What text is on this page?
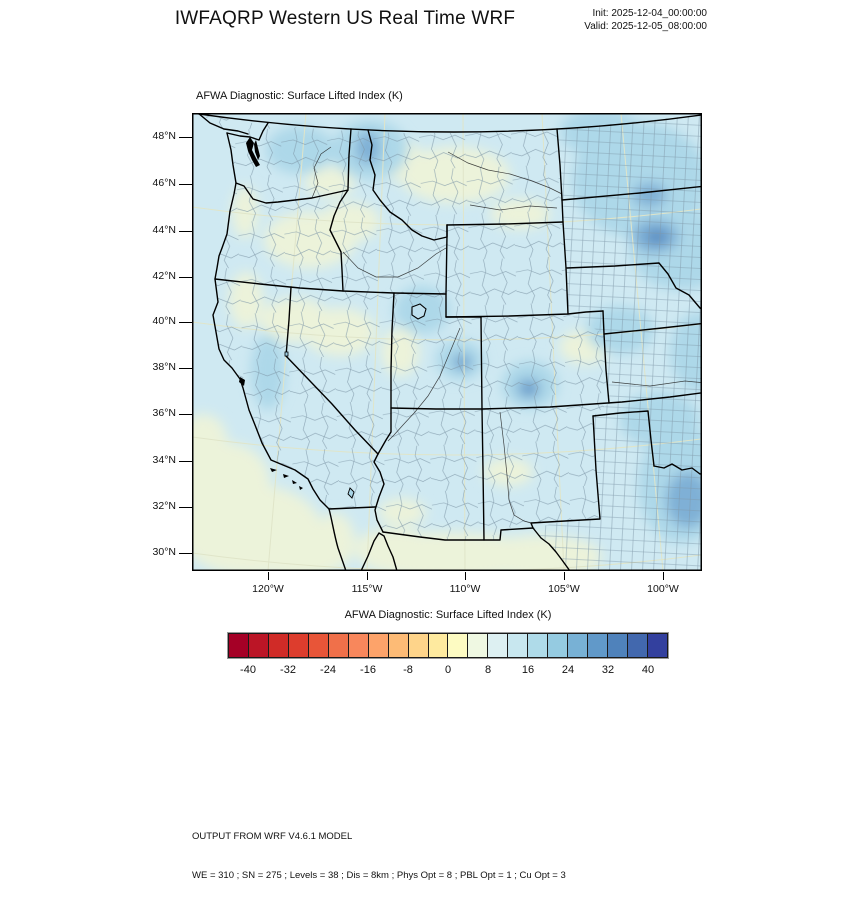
IWFAQRP Western US Real Time WRF	Init: 2025-12-04_00:00:00
Valid: 2025-12-05_08:00:00
AFWA Diagnostic: Surface Lifted Index (K)
AFWA Diagnostic: Surface Lifted Index (K)

OUTPUT FROM WRF V4.6.1 MODEL

WE = 310 ; SN = 275 ; Levels = 38 ; Dis = 8km ; Phys Opt = 8 ; PBL Opt = 1 ; Cu Opt = 3

48°N
46°N
44°N
42°N
40°N
38°N
36°N
34°N
32°N
30°N
120°W	115°W	110°W	105°W	100°W
-40	-32	-24	-16	-8	0	8	16	24	32	40
